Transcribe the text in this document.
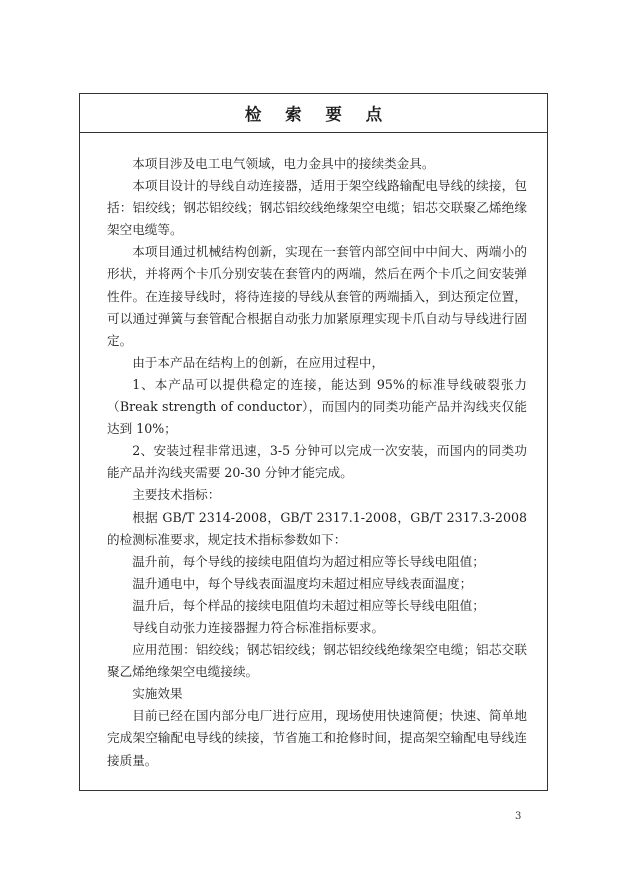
检 索 要 点

本项目涉及电工电气领域，电力金具中的接续类金具。

本项目设计的导线自动连接器，适用于架空线路输配电导线的续接，包括：铝绞线；钢芯铝绞线；钢芯铝绞线绝缘架空电缆；铝芯交联聚乙烯绝缘架空电缆等。

本项目通过机械结构创新，实现在一套管内部空间中中间大、两端小的形状，并将两个卡爪分别安装在套管内的两端，然后在两个卡爪之间安装弹性件。在连接导线时，将待连接的导线从套管的两端插入，到达预定位置，可以通过弹簧与套管配合根据自动张力加紧原理实现卡爪自动与导线进行固定。

由于本产品在结构上的创新，在应用过程中，

1、本产品可以提供稳定的连接，能达到 95%的标准导线破裂张力（Break strength of conductor），而国内的同类功能产品并沟线夹仅能达到 10%；

2、安装过程非常迅速，3-5 分钟可以完成一次安装，而国内的同类功能产品并沟线夹需要 20-30 分钟才能完成。

主要技术指标：

根据 GB/T 2314-2008，GB/T 2317.1-2008，GB/T 2317.3-2008 的检测标准要求，规定技术指标参数如下：

温升前，每个导线的接续电阻值均为超过相应等长导线电阻值；

温升通电中，每个导线表面温度均未超过相应导线表面温度；

温升后，每个样品的接续电阻值均未超过相应等长导线电阻值；

导线自动张力连接器握力符合标准指标要求。

应用范围：铝绞线；钢芯铝绞线；钢芯铝绞线绝缘架空电缆；铝芯交联聚乙烯绝缘架空电缆接续。

实施效果

目前已经在国内部分电厂进行应用，现场使用快速简便；快速、简单地完成架空输配电导线的续接，节省施工和抢修时间，提高架空输配电导线连接质量。

3
